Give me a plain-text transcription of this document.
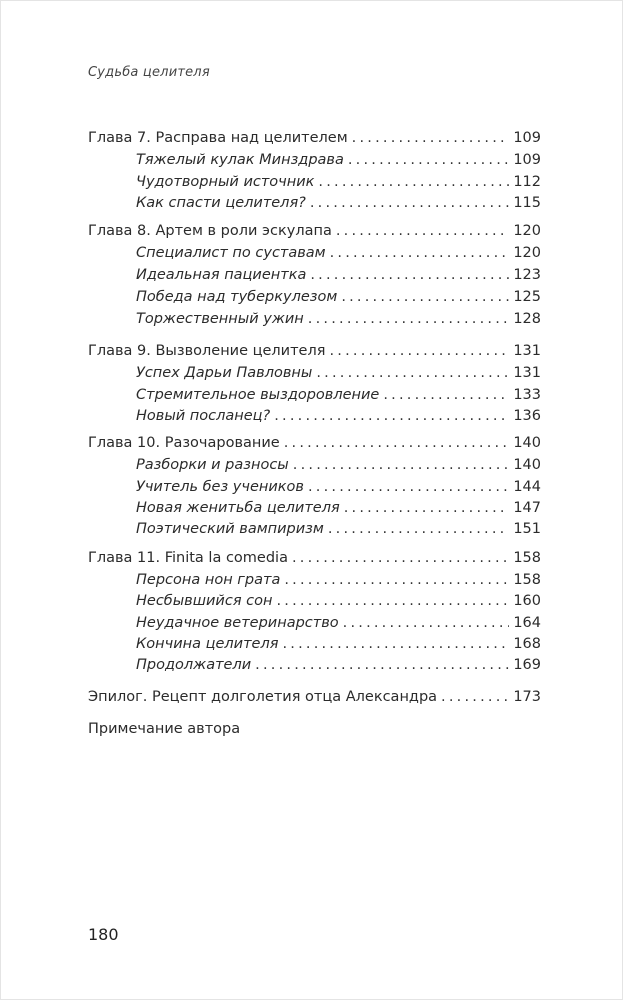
Судьба целителя
Глава 7. Расправа над целителем .....	109
Тяжелый кулак Минздрава .....	109
Чудотворный источник .....	112
Как спасти целителя? .....	115
Глава 8. Артем в роли эскулапа .....	120
Специалист по суставам .....	120
Идеальная пациентка .....	123
Победа над туберкулезом .....	125
Торжественный ужин .....	128
Глава 9. Вызволение целителя .....	131
Успех Дарьи Павловны .....	131
Стремительное выздоровление .....	133
Новый посланец? .....	136
Глава 10. Разочарование .....	140
Разборки и разносы .....	140
Учитель без учеников .....	144
Новая женитьба целителя .....	147
Поэтический вампиризм .....	151
Глава 11. Finita la comedia .....	158
Персона нон грата .....	158
Несбывшийся сон .....	160
Неудачное ветеринарство .....	164
Кончина целителя .....	168
Продолжатели .....	169
Эпилог. Рецепт долголетия отца Александра .....	173
Примечание автора
180
